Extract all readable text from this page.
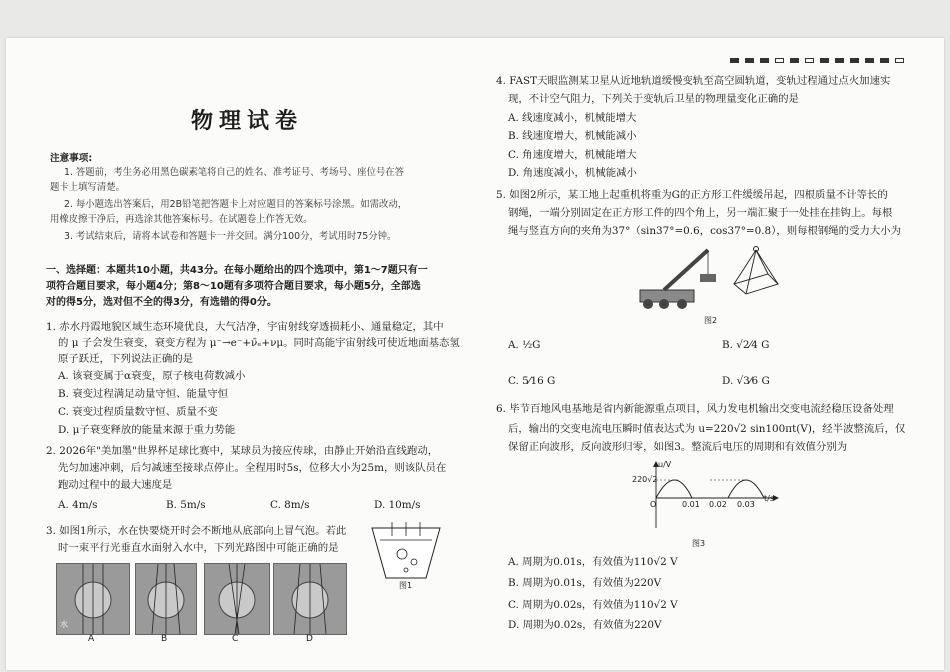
物理试卷
注意事项:
1. 答题前，考生务必用黑色碳素笔将自己的姓名、准考证号、考场号、座位号在答
题卡上填写清楚。
2. 每小题选出答案后，用2B铅笔把答题卡上对应题目的答案标号涂黑。如需改动，
用橡皮擦干净后，再选涂其他答案标号。在试题卷上作答无效。
3. 考试结束后，请将本试卷和答题卡一并交回。满分100分，考试用时75分钟。
一、选择题：本题共10小题，共43分。在每小题给出的四个选项中，第1～7题只有一
项符合题目要求，每小题4分；第8～10题有多项符合题目要求，每小题5分，全部选
对的得5分，选对但不全的得3分，有选错的得0分。
1. 赤水丹霞地貌区域生态环境优良，大气洁净，宇宙射线穿透损耗小、通量稳定，其中
的 μ 子会发生衰变，衰变方程为 μ⁻→e⁻+ν̄ₑ+νμ。同时高能宇宙射线可使近地面基态氢
原子跃迁，下列说法正确的是
A. 该衰变属于α衰变，原子核电荷数减小
B. 衰变过程满足动量守恒、能量守恒
C. 衰变过程质量数守恒、质量不变
D. μ子衰变释放的能量来源于重力势能
2. 2026年"美加墨"世界杯足球比赛中，某球员为接应传球，由静止开始沿直线跑动，
先匀加速冲刺，后匀减速至接球点停止。全程用时5s，位移大小为25m，则该队员在
跑动过程中的最大速度是
A. 4m/s	B. 5m/s	C. 8m/s	D. 10m/s
3. 如图1所示，水在快要烧开时会不断地从底部向上冒气泡。若此
时一束平行光垂直水面射入水中，下列光路图中可能正确的是
图1
水
A	B	C	D
4. FAST天眼监测某卫星从近地轨道缓慢变轨至高空圆轨道，变轨过程通过点火加速实
现，不计空气阻力，下列关于变轨后卫星的物理量变化正确的是
A. 线速度减小，机械能增大
B. 线速度增大，机械能减小
C. 角速度增大，机械能增大
D. 角速度减小，机械能减小
5. 如图2所示，某工地上起重机将重为G的正方形工件缓缓吊起，四根质量不计等长的
钢绳，一端分别固定在正方形工件的四个角上，另一端汇聚于一处挂在挂钩上。每根
绳与竖直方向的夹角为37°（sin37°=0.6，cos37°=0.8），则每根钢绳的受力大小为
A. ½G	B. √2⁄4 G
C. 5⁄16 G	D. √3⁄6 G
6. 毕节百地风电基地是省内新能源重点项目，风力发电机输出交变电流经稳压设备处理
后，输出的交变电流电压瞬时值表达式为 u=220√2 sin100πt(V)，经半波整流后，仅
保留正向波形，反向波形归零，如图3。整流后电压的周期和有效值分别为
A. 周期为0.01s，有效值为110√2 V
B. 周期为0.01s，有效值为220V
C. 周期为0.02s，有效值为110√2 V
D. 周期为0.02s，有效值为220V
图2
u/V
220√2
O	0.01 0.02 0.03
t/s
图3
